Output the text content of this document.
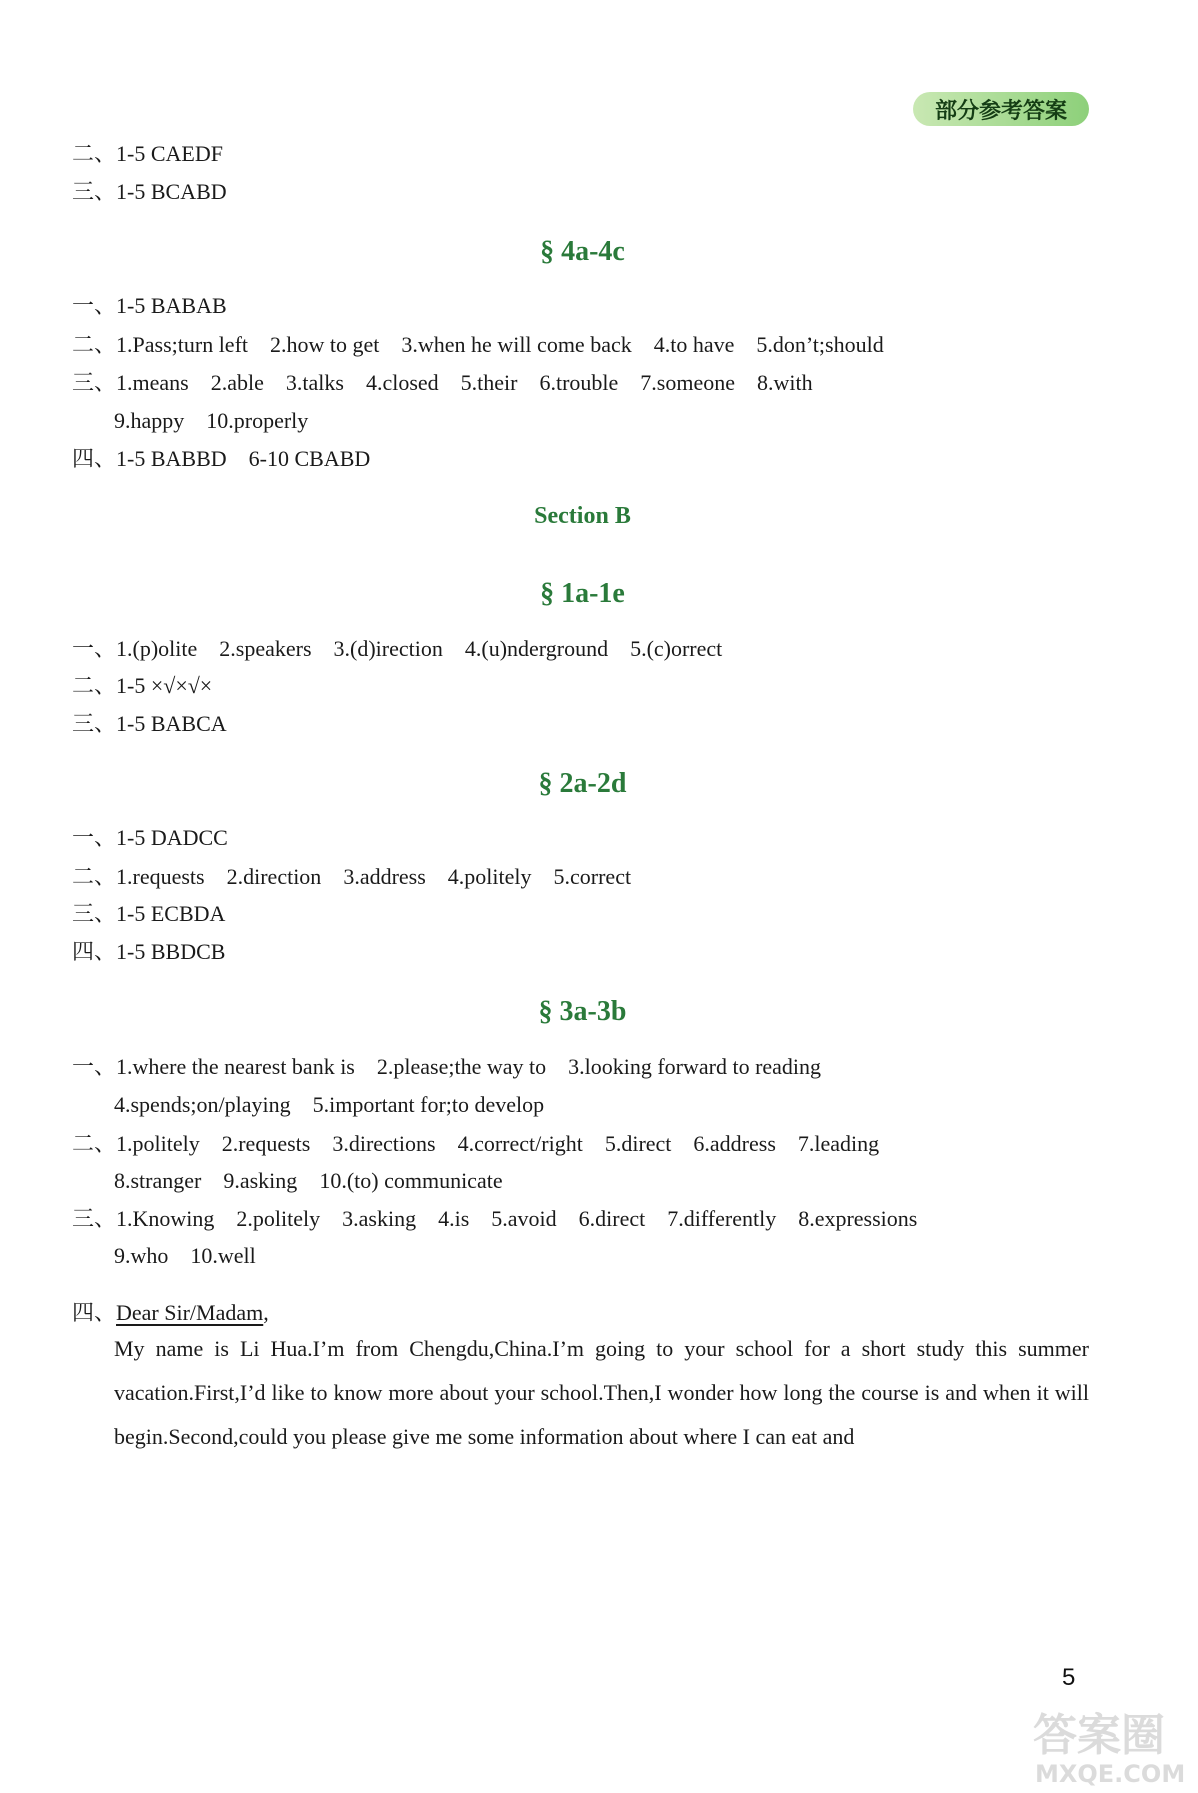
部分参考答案
二、1-5 CAEDF
三、1-5 BCABD
§ 4a-4c
一、1-5 BABAB
二、1.Pass;turn left 2.how to get 3.when he will come back 4.to have 5.don’t;should
三、1.means 2.able 3.talks 4.closed 5.their 6.trouble 7.someone 8.with
9.happy 10.properly
四、1-5 BABBD 6-10 CBABD
Section B
§ 1a-1e
一、1.(p)olite 2.speakers 3.(d)irection 4.(u)nderground 5.(c)orrect
二、1-5 ×√×√×
三、1-5 BABCA
§ 2a-2d
一、1-5 DADCC
二、1.requests 2.direction 3.address 4.politely 5.correct
三、1-5 ECBDA
四、1-5 BBDCB
§ 3a-3b
一、1.where the nearest bank is 2.please;the way to 3.looking forward to reading
4.spends;on/playing 5.important for;to develop
二、1.politely 2.requests 3.directions 4.correct/right 5.direct 6.address 7.leading
8.stranger 9.asking 10.(to) communicate
三、1.Knowing 2.politely 3.asking 4.is 5.avoid 6.direct 7.differently 8.expressions
9.who 10.well
四、Dear Sir/Madam,
My name is Li Hua.I’m from Chengdu,China.I’m going to your school for a short study this summer vacation.First,I’d like to know more about your school.Then,I wonder how long the course is and when it will begin.Second,could you please give me some information about where I can eat and
5
答案圈
MXQE.COM
